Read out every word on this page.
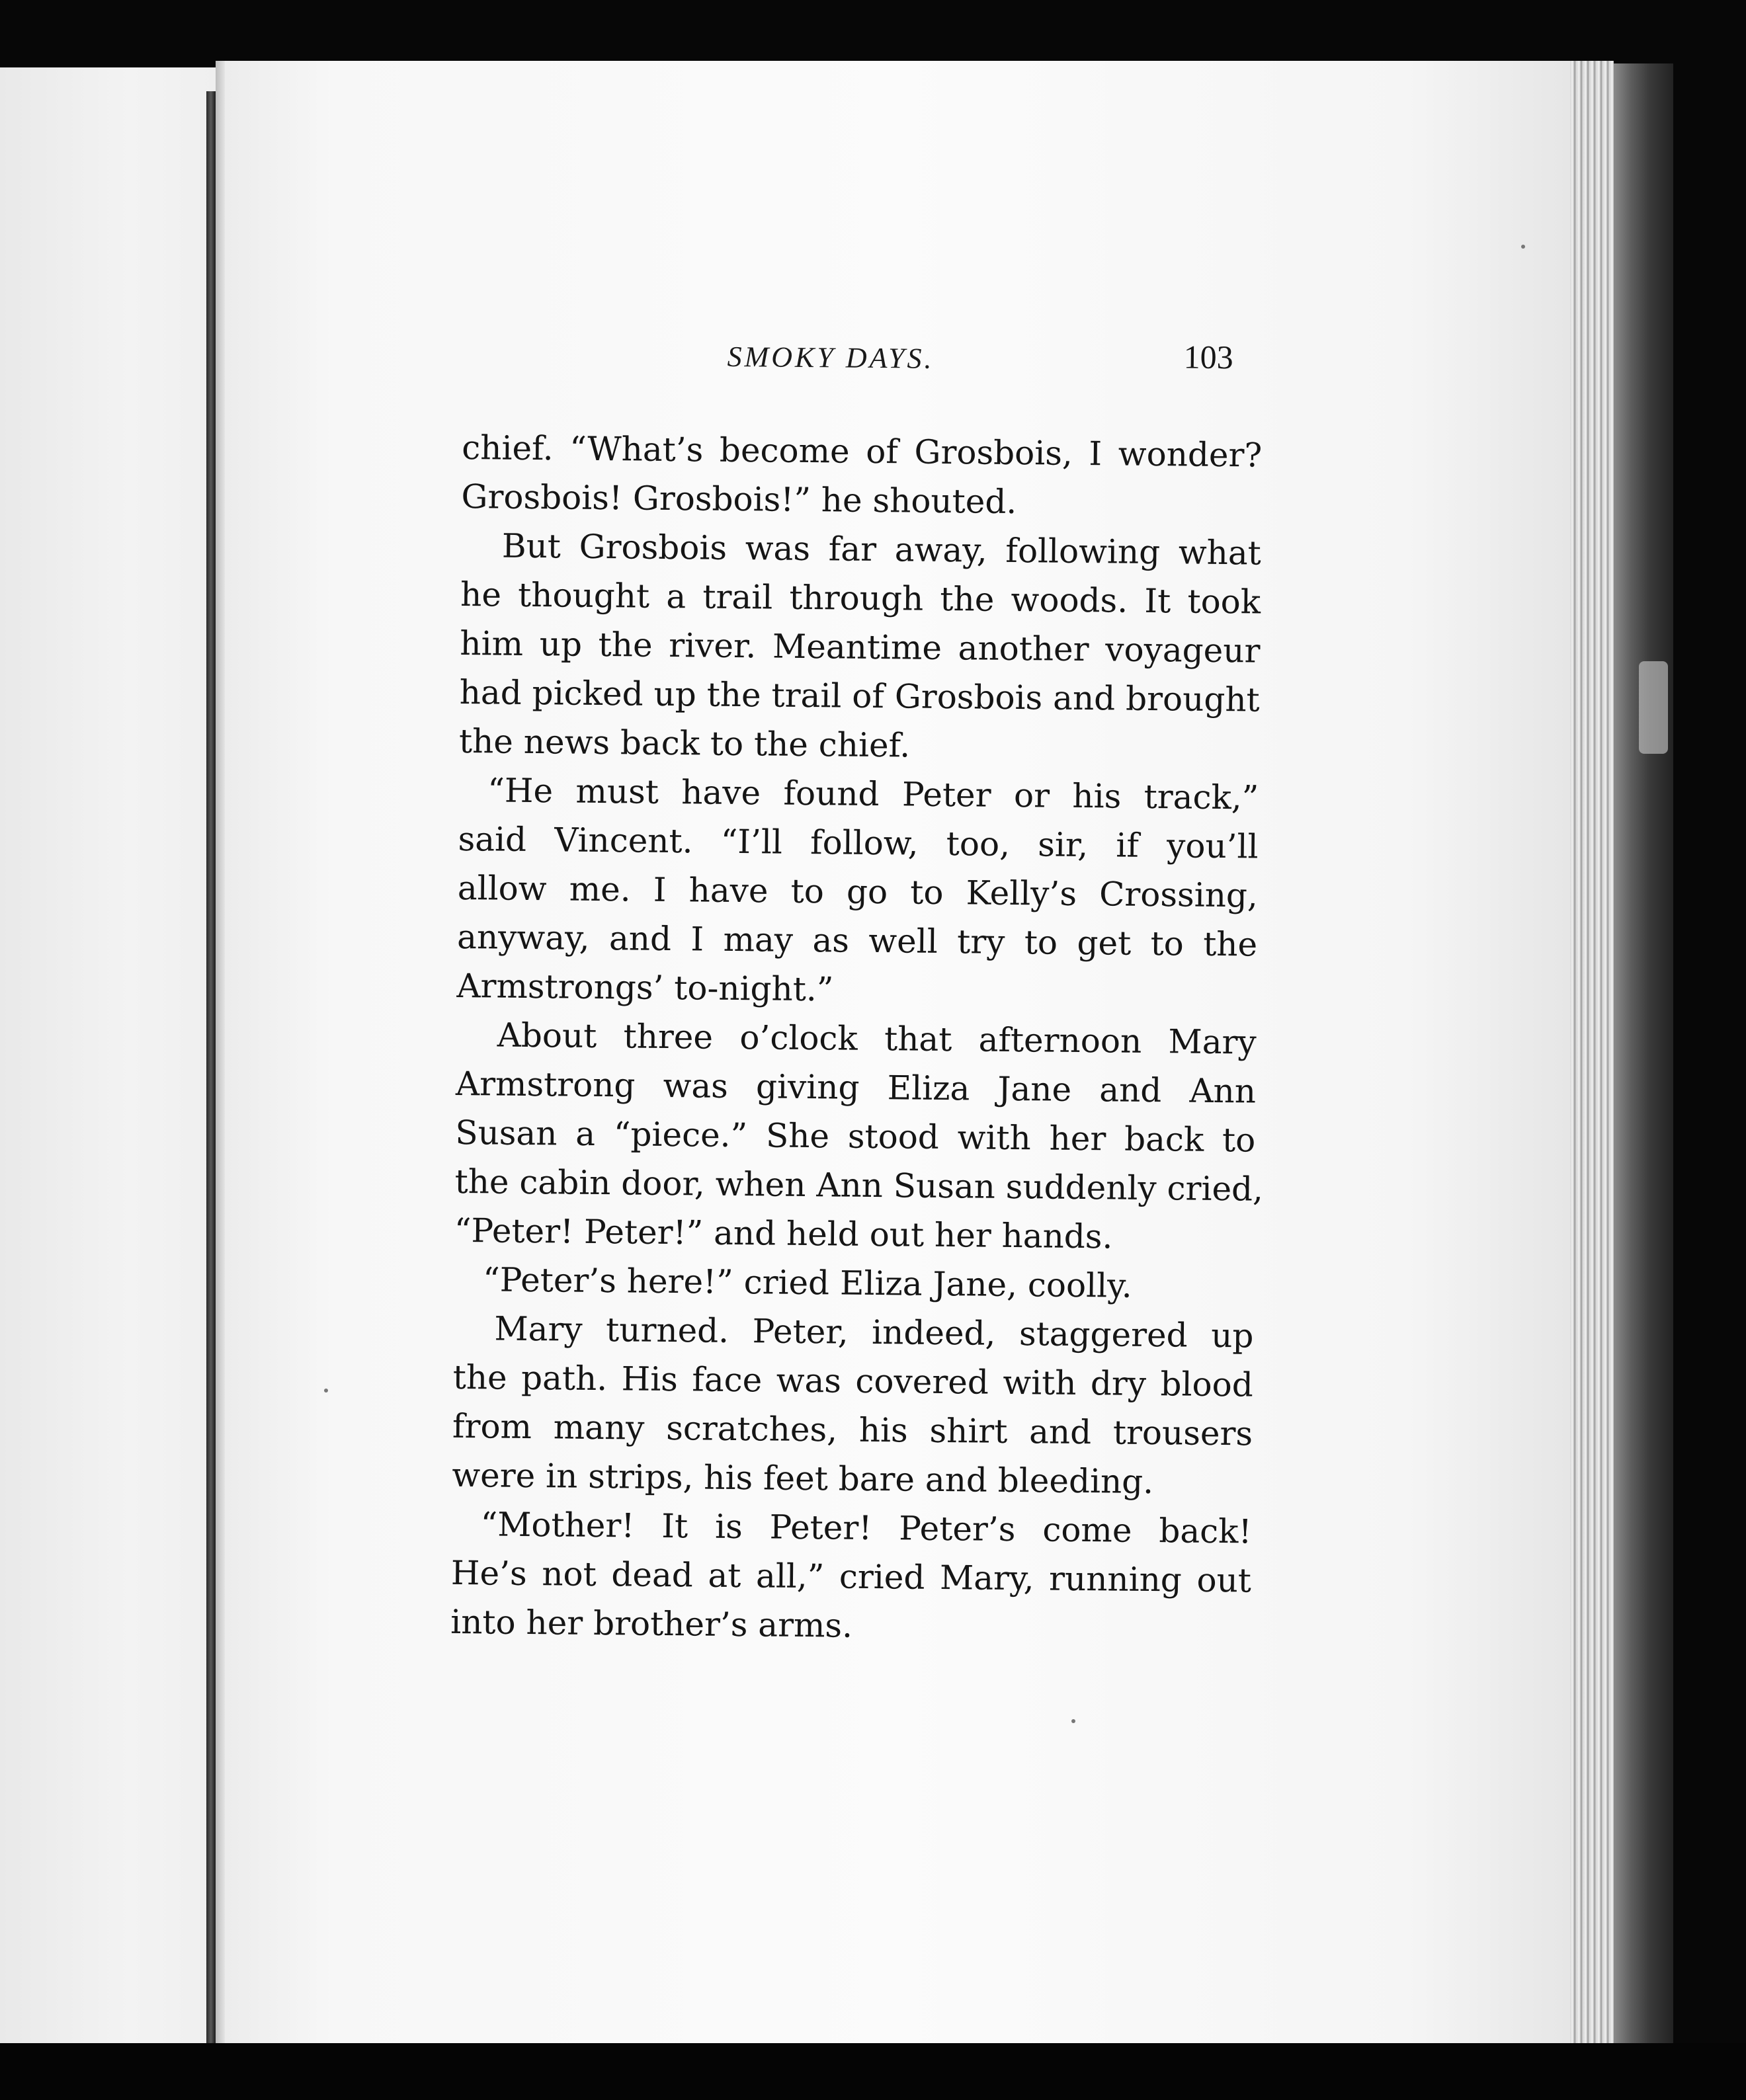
SMOKY DAYS.	103
chief. “What’s become of Grosbois, I wonder?
Grosbois! Grosbois!” he shouted.
But Grosbois was far away, following what
he thought a trail through the woods. It took
him up the river. Meantime another voyageur
had picked up the trail of Grosbois and brought
the news back to the chief.
“He must have found Peter or his track,”
said Vincent. “I’ll follow, too, sir, if you’ll
allow me. I have to go to Kelly’s Crossing,
anyway, and I may as well try to get to the
Armstrongs’ to-night.”
About three o’clock that afternoon Mary
Armstrong was giving Eliza Jane and Ann
Susan a “piece.” She stood with her back to
the cabin door, when Ann Susan suddenly cried,
“Peter! Peter!” and held out her hands.
“Peter’s here!” cried Eliza Jane, coolly.
Mary turned. Peter, indeed, staggered up
the path. His face was covered with dry blood
from many scratches, his shirt and trousers
were in strips, his feet bare and bleeding.
“Mother! It is Peter! Peter’s come back!
He’s not dead at all,” cried Mary, running out
into her brother’s arms.
